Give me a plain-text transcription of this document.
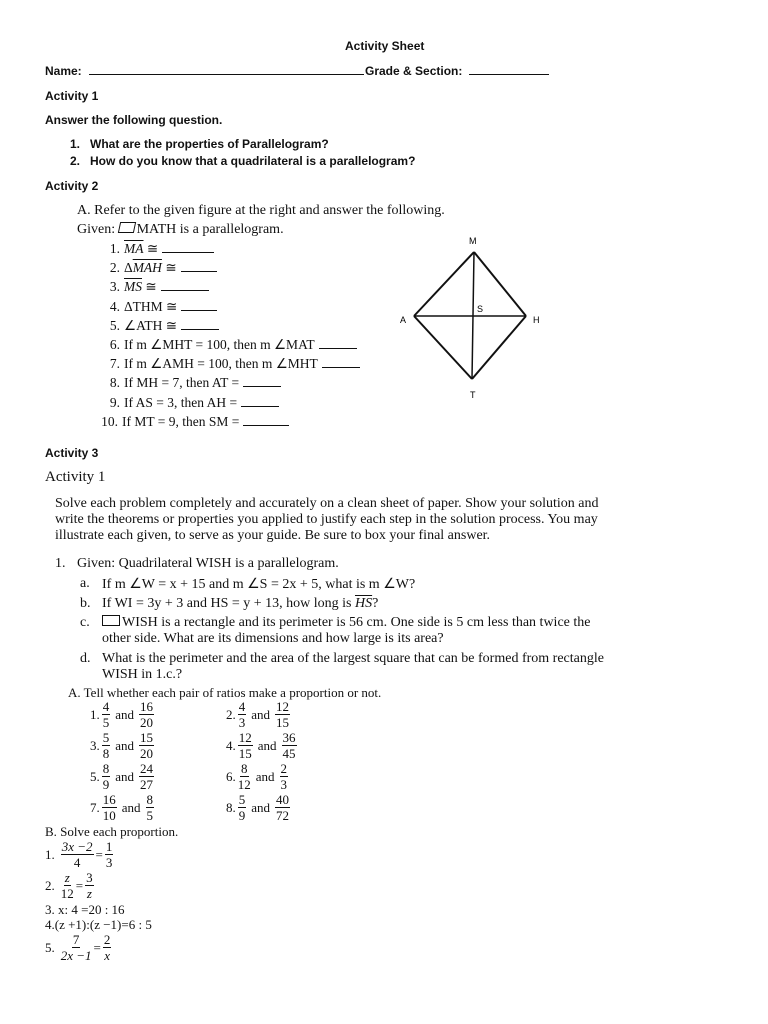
Activity Sheet
Name:	Grade & Section:
Activity 1
Answer the following question.
1. What are the properties of Parallelogram?
2. How do you know that a quadrilateral is a parallelogram?
Activity 2
A. Refer to the given figure at the right and answer the following.
Given: MATH is a parallelogram.
1. $\overline{MA}$ ≅
2. $\Delta\overline{MAH}$ ≅
3. $\overline{MS}$ ≅
4. ΔTHM ≅
5. ∠ATH ≅
6. If m ∠MHT = 100, then m ∠MAT
7. If m ∠AMH = 100, then m ∠MHT
8. If MH = 7, then AT =
9. If AS = 3, then AH =
10. If MT = 9, then SM =
M
A	H
T
S
Activity 3
Activity 1
Solve each problem completely and accurately on a clean sheet of paper. Show your solution and
write the theorems or properties you applied to justify each step in the solution process. You may
illustrate each given, to serve as your guide. Be sure to box your final answer.
1. Given: Quadrilateral WISH is a parallelogram.
a. If m ∠W = x + 15 and m ∠S = 2x + 5, what is m ∠W?
b. If WI = 3y + 3 and HS = y + 13, how long is $\overline{HS}$?
c.	WISH is a rectangle and its perimeter is 56 cm. One side is 5 cm less than twice the
other side. What are its dimensions and how large is its area?
d. What is the perimeter and the area of the largest square that can be formed from rectangle
WISH in 1.c.?
A. Tell whether each pair of ratios make a proportion or not.
1. $\frac{4}{5}$ and $\frac{16}{20}$	2. $\frac{4}{3}$ and $\frac{12}{15}$
3. $\frac{5}{8}$ and $\frac{15}{20}$	4. $\frac{12}{15}$ and $\frac{36}{45}$
5. $\frac{8}{9}$ and $\frac{24}{27}$	6. $\frac{8}{12}$ and $\frac{2}{3}$
7. $\frac{16}{10}$ and $\frac{8}{5}$	8. $\frac{5}{9}$ and $\frac{40}{72}$
B. Solve each proportion.
1. $\frac{3x -2}{4} = \frac{1}{3}$
2. $\frac{z}{12} = \frac{3}{z}$
3. x: 4 =20 : 16
4.(z +1):(z −1)=6 : 5
5. $\frac{7}{2x -1} = \frac{2}{x}$
